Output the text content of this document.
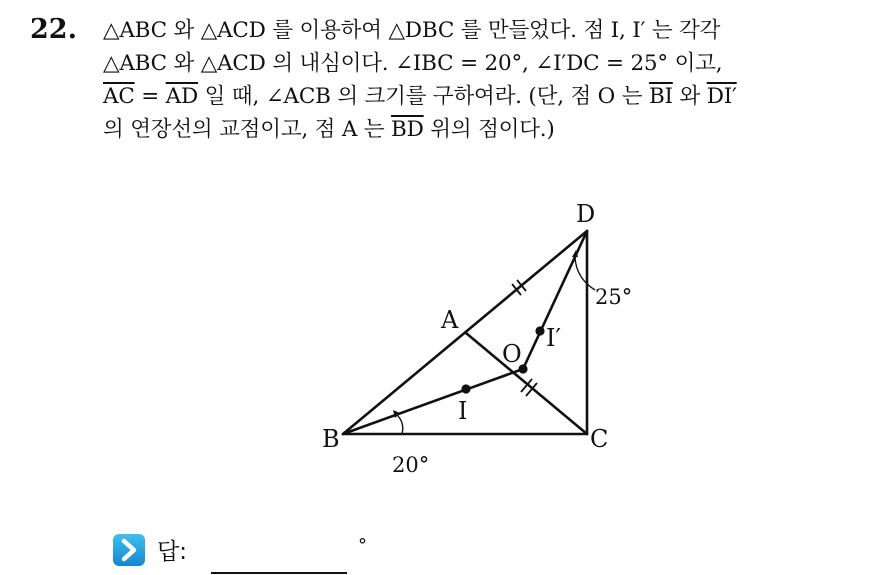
22. △ABC 와 △ACD 를 이용하여 △DBC 를 만들었다. 점 I, I′ 는 각각
△ABC 와 △ACD 의 내심이다. ∠IBC = 20°, ∠I′DC = 25° 이고,
$\overline{AC} = \overline{AD}$ 일 때, ∠ACB 의 크기를 구하여라. (단, 점 O 는 $\overline{BI}$ 와 DI′
의 연장선의 교점이고, 점 A 는 $\overline{BD}$ 위의 점이다.)
B	C
D
A
O
I
I′
20°
25°
답:	°
